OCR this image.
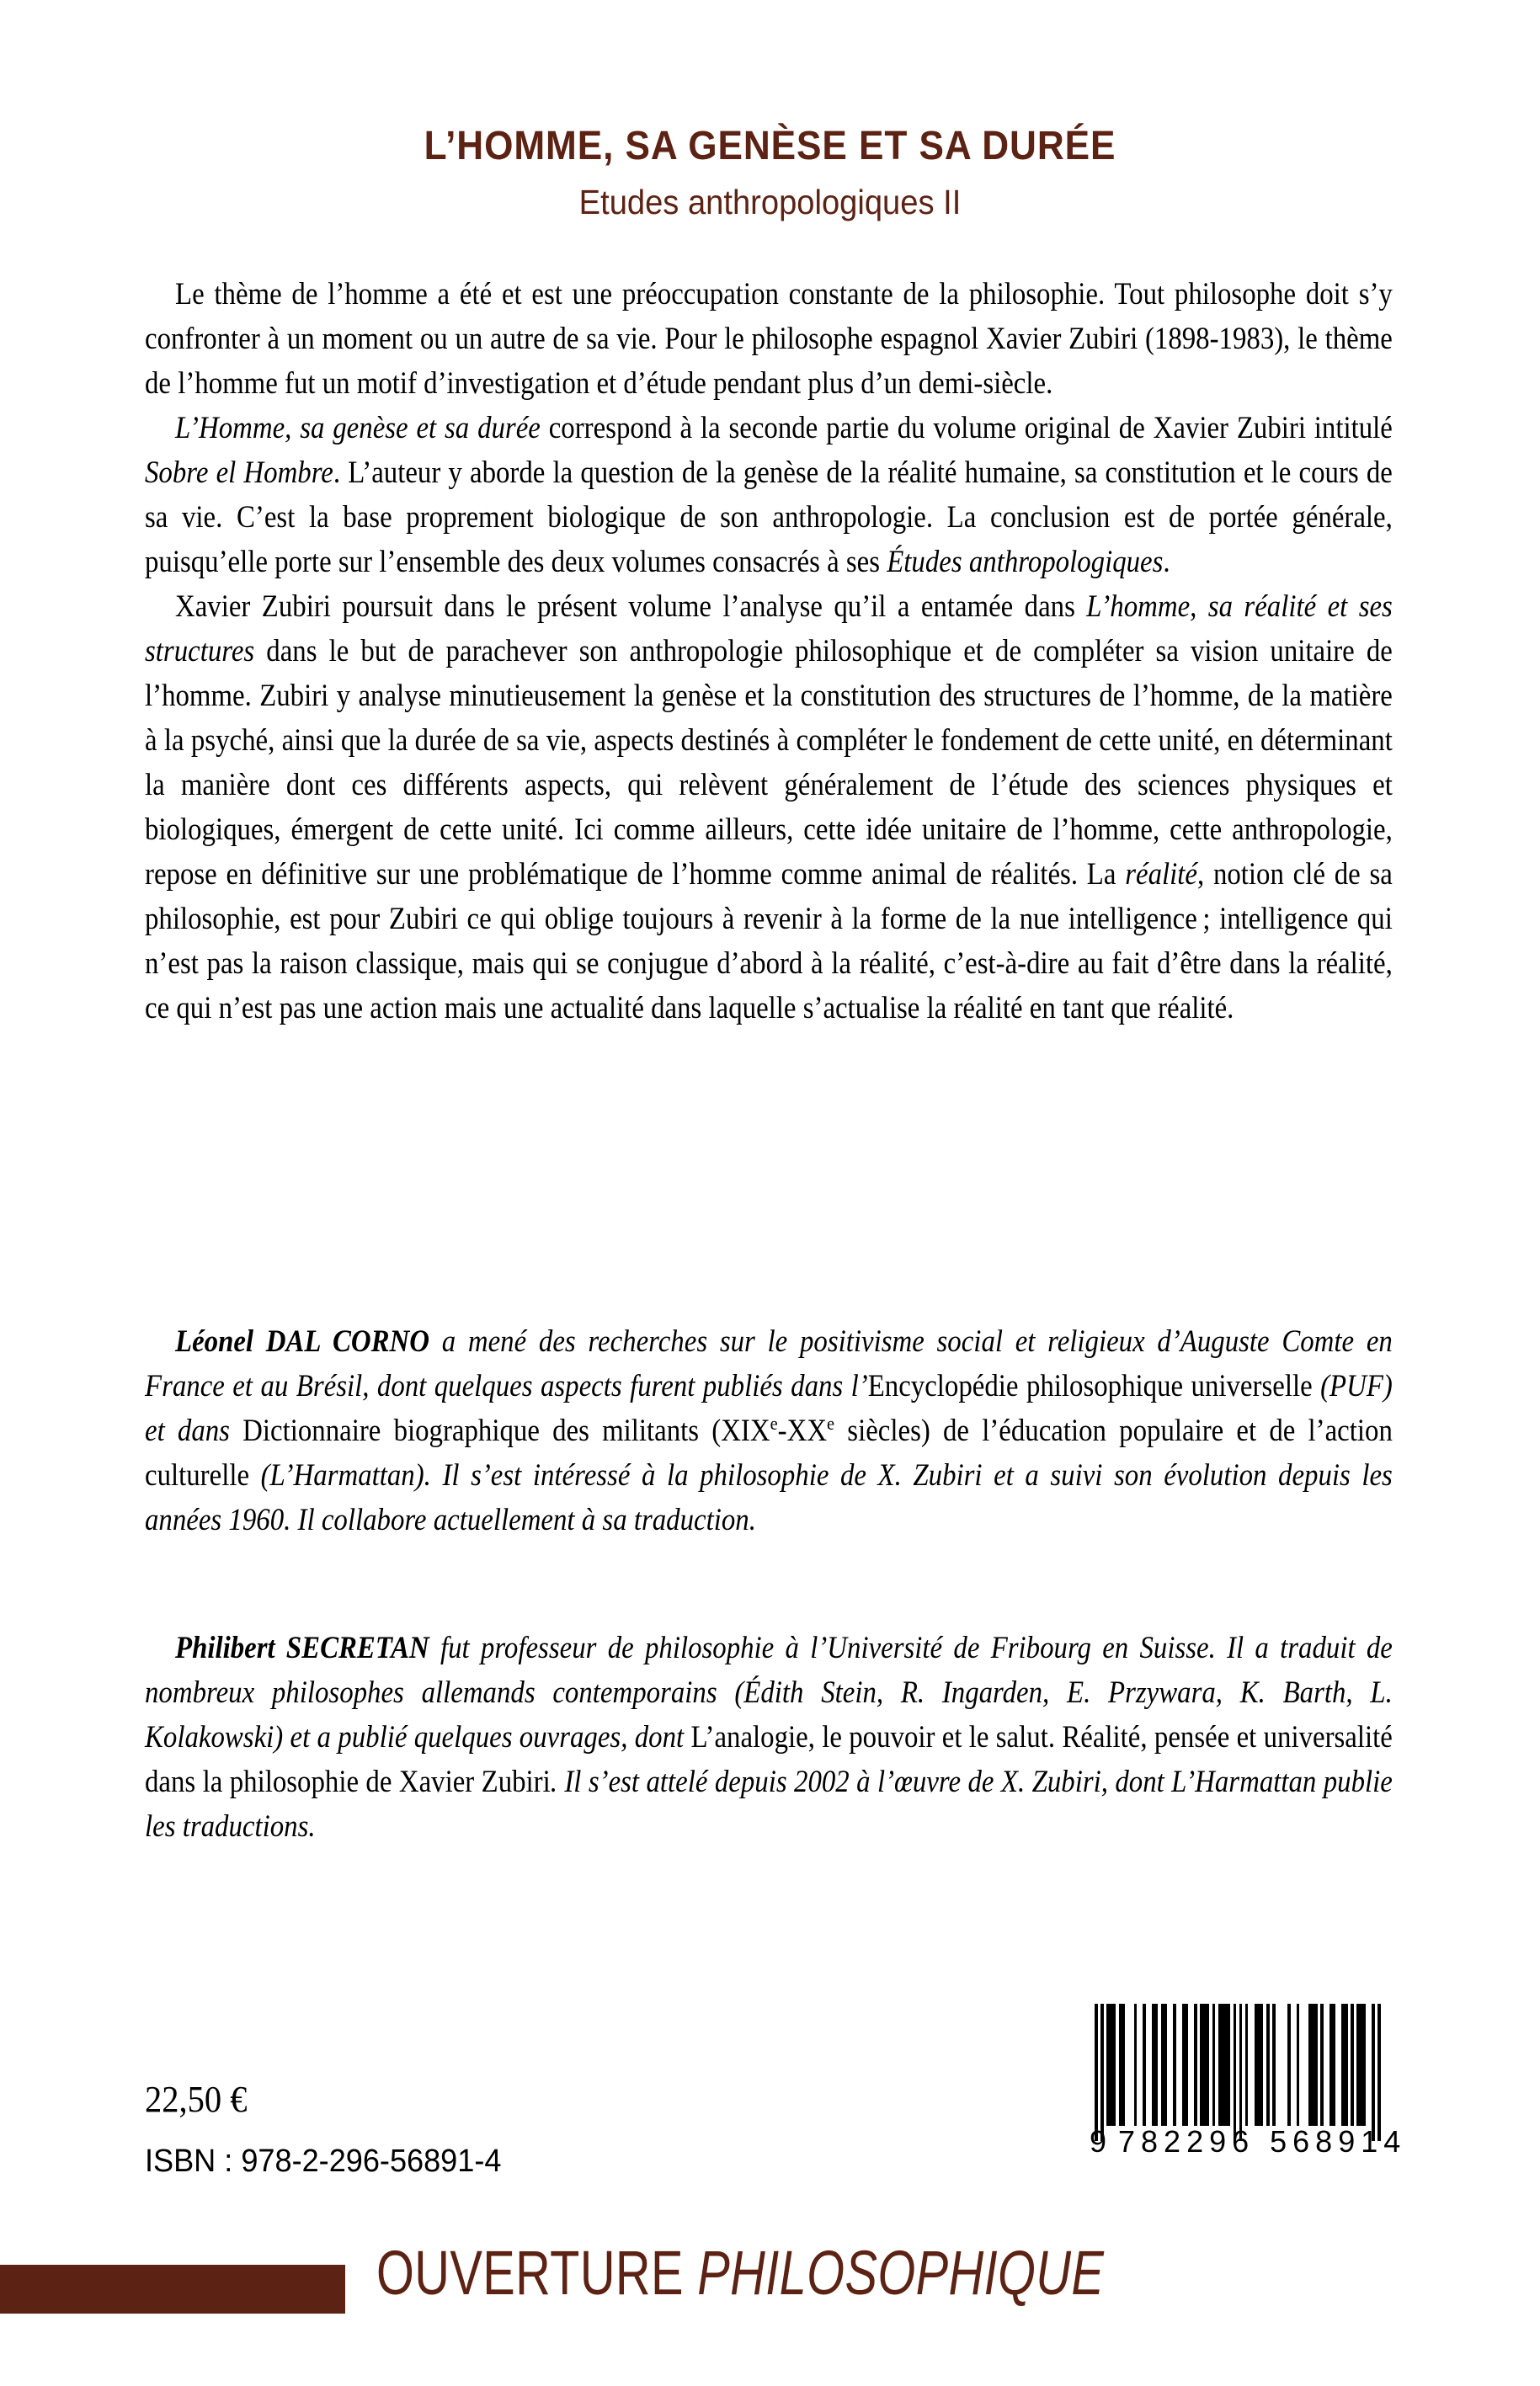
L’HOMME, SA GENÈSE ET SA DURÉE
Etudes anthropologiques II

Le thème de l’homme a été et est une préoccupation constante de la philosophie. Tout philosophe doit s’y confronter à un moment ou un autre de sa vie. Pour le philosophe espagnol Xavier Zubiri (1898-1983), le thème de l’homme fut un motif d’investigation et d’étude pendant plus d’un demi-siècle.

L’Homme, sa genèse et sa durée correspond à la seconde partie du volume original de Xavier Zubiri intitulé Sobre el Hombre. L’auteur y aborde la question de la genèse de la réalité humaine, sa constitution et le cours de sa vie. C’est la base proprement biologique de son anthropologie. La conclusion est de portée générale, puisqu’elle porte sur l’ensemble des deux volumes consacrés à ses Études anthropologiques.

Xavier Zubiri poursuit dans le présent volume l’analyse qu’il a entamée dans L’homme, sa réalité et ses structures dans le but de parachever son anthropologie philosophique et de compléter sa vision unitaire de l’homme. Zubiri y analyse minutieusement la genèse et la constitution des structures de l’homme, de la matière à la psyché, ainsi que la durée de sa vie, aspects destinés à compléter le fondement de cette unité, en déterminant la manière dont ces différents aspects, qui relèvent généralement de l’étude des sciences physiques et biologiques, émergent de cette unité. Ici comme ailleurs, cette idée unitaire de l’homme, cette anthropologie, repose en définitive sur une problématique de l’homme comme animal de réalités. La réalité, notion clé de sa philosophie, est pour Zubiri ce qui oblige toujours à revenir à la forme de la nue intelligence ; intelligence qui n’est pas la raison classique, mais qui se conjugue d’abord à la réalité, c’est-à-dire au fait d’être dans la réalité, ce qui n’est pas une action mais une actualité dans laquelle s’actualise la réalité en tant que réalité.

Léonel DAL CORNO a mené des recherches sur le positivisme social et religieux d’Auguste Comte en France et au Brésil, dont quelques aspects furent publiés dans l’Encyclopédie philosophique universelle (PUF) et dans Dictionnaire biographique des militants (XIXe-XXe siècles) de l’éducation populaire et de l’action culturelle (L’Harmattan). Il s’est intéressé à la philosophie de X. Zubiri et a suivi son évolution depuis les années 1960. Il collabore actuellement à sa traduction.

Philibert SECRETAN fut professeur de philosophie à l’Université de Fribourg en Suisse. Il a traduit de nombreux philosophes allemands contemporains (Édith Stein, R. Ingarden, E. Przywara, K. Barth, L. Kolakowski) et a publié quelques ouvrages, dont L’analogie, le pouvoir et le salut. Réalité, pensée et universalité dans la philosophie de Xavier Zubiri. Il s’est attelé depuis 2002 à l’œuvre de X. Zubiri, dont L’Harmattan publie les traductions.

22,50 €
ISBN : 978-2-296-56891-4
9 782296 568914
OUVERTURE PHILOSOPHIQUE
